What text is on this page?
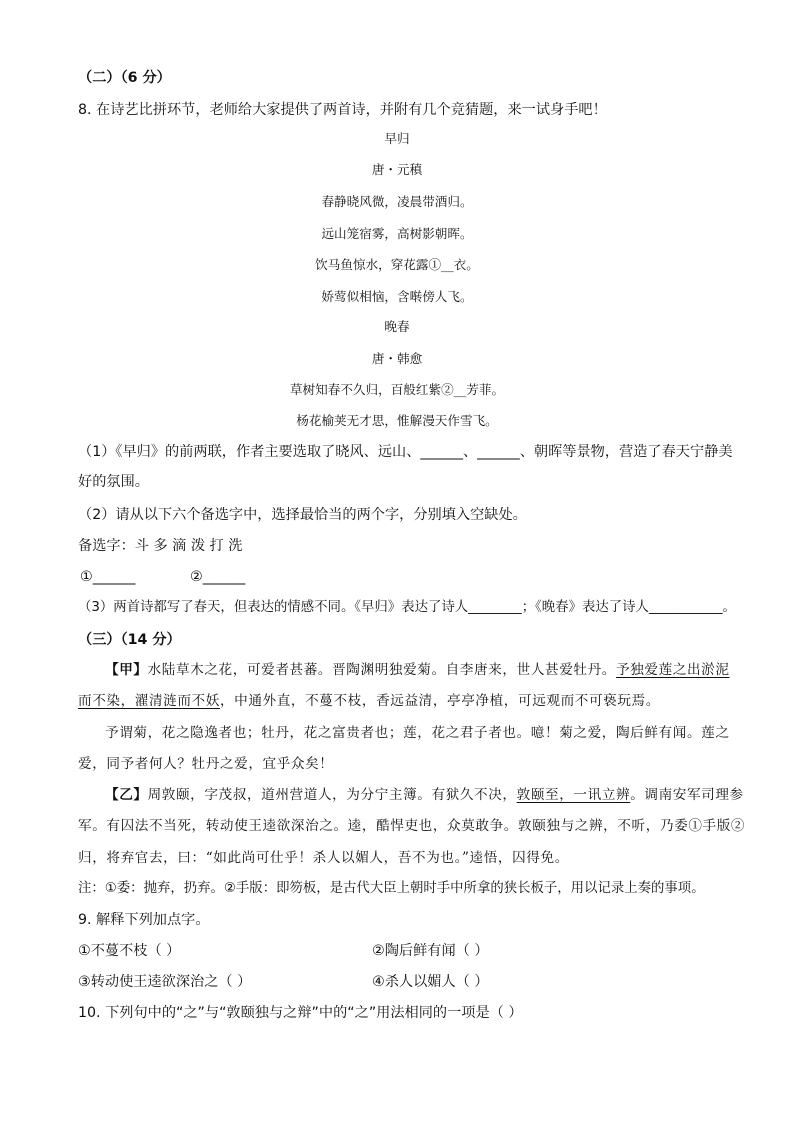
（二）（6 分）
8. 在诗艺比拼环节，老师给大家提供了两首诗，并附有几个竞猜题，来一试身手吧！
早归
唐・元稹
春静晓风微，凌晨带酒归。
远山笼宿雾，高树影朝晖。
饮马鱼惊水，穿花露①__衣。
娇莺似相恼，含啭傍人飞。
晚春
唐・韩愈
草树知春不久归，百般红紫②__芳菲。
杨花榆荚无才思，惟解漫天作雪飞。
（1）《早归》的前两联，作者主要选取了晓风、远山、______、______、朝晖等景物，营造了春天宁静美
好的氛围。
（2）请从以下六个备选字中，选择最恰当的两个字，分别填入空缺处。
备选字：斗 多 滴 泼 打 洗
①______	②______
（3）两首诗都写了春天，但表达的情感不同。《早归》表达了诗人________；《晚春》表达了诗人___________。
（三）（14 分）
【甲】水陆草木之花，可爱者甚蕃。晋陶渊明独爱菊。自李唐来，世人甚爱牡丹。予独爱莲之出淤泥
而不染，濯清涟而不妖，中通外直，不蔓不枝，香远益清，亭亭净植，可远观而不可亵玩焉。
予谓菊，花之隐逸者也；牡丹，花之富贵者也；莲，花之君子者也。噫！菊之爱，陶后鲜有闻。莲之
爱，同予者何人？牡丹之爱，宜乎众矣！
【乙】周敦颐，字茂叔，道州营道人，为分宁主簿。有狱久不决，敦颐至，一讯立辨。调南安军司理参
军。有囚法不当死，转动使王逵欲深治之。逵，酷悍吏也，众莫敢争。敦颐独与之辨，不听，乃委①手版②
归，将弃官去，曰：“如此尚可仕乎！杀人以媚人，吾不为也。”逵悟，囚得免。
注：①委：抛弃，扔弃。②手版：即笏板，是古代大臣上朝时手中所拿的狭长板子，用以记录上奏的事项。
9. 解释下列加点字。
①不蔓不枝（ ）	②陶后鲜有闻（ ）
③转动使王逵欲深治之（ ）	④杀人以媚人（ ）
10. 下列句中的“之”与“敦颐独与之辩”中的“之”用法相同的一项是（ ）
